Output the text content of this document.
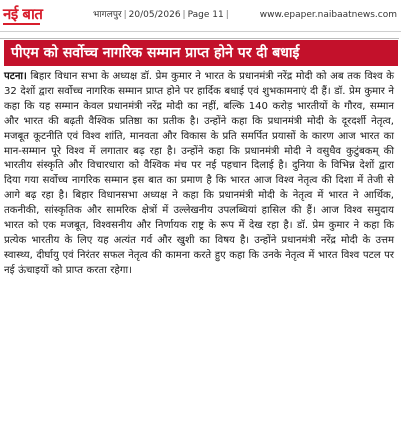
नई बात	भागलपुर | 20/05/2026 | Page 11 |	www.epaper.naibaatnews.com
पीएम को सर्वोच्च नागरिक सम्मान प्राप्त होने पर दी बधाई
पटना। बिहार विधान सभा के अध्यक्ष डॉ. प्रेम कुमार ने भारत के प्रधानमंत्री नरेंद्र मोदी को अब तक विश्व के 32 देशों द्वारा सर्वोच्च नागरिक सम्मान प्राप्त होने पर हार्दिक बधाई एवं शुभकामनाएं दी हैं। डॉ. प्रेम कुमार ने कहा कि यह सम्मान केवल प्रधानमंत्री नरेंद्र मोदी का नहीं, बल्कि 140 करोड़ भारतीयों के गौरव, सम्मान और भारत की बढ़ती वैश्विक प्रतिष्ठा का प्रतीक है। उन्होंने कहा कि प्रधानमंत्री मोदी के दूरदर्शी नेतृत्व, मजबूत कूटनीति एवं विश्व शांति, मानवता और विकास के प्रति समर्पित प्रयासों के कारण आज भारत का मान-सम्मान पूरे विश्व में लगातार बढ़ रहा है। उन्होंने कहा कि प्रधानमंत्री मोदी ने वसुधैव कुटुंबकम्‌ की भारतीय संस्कृति और विचारधारा को वैश्विक मंच पर नई पहचान दिलाई है। दुनिया के विभिन्न देशों द्वारा दिया गया सर्वोच्च नागरिक सम्मान इस बात का प्रमाण है कि भारत आज विश्व नेतृत्व की दिशा में तेजी से आगे बढ़ रहा है। बिहार विधानसभा अध्यक्ष ने कहा कि प्रधानमंत्री मोदी के नेतृत्व में भारत ने आर्थिक, तकनीकी, सांस्कृतिक और सामरिक क्षेत्रों में उल्लेखनीय उपलब्धियां हासिल की हैं। आज विश्व समुदाय भारत को एक मजबूत, विश्वसनीय और निर्णायक राष्ट्र के रूप में देख रहा है। डॉ. प्रेम कुमार ने कहा कि प्रत्येक भारतीय के लिए यह अत्यंत गर्व और खुशी का विषय है। उन्होंने प्रधानमंत्री नरेंद्र मोदी के उत्तम स्वास्थ्य, दीर्घायु एवं निरंतर सफल नेतृत्व की कामना करते हुए कहा कि उनके नेतृत्व में भारत विश्व पटल पर नई ऊंचाइयों को प्राप्त करता रहेगा।
